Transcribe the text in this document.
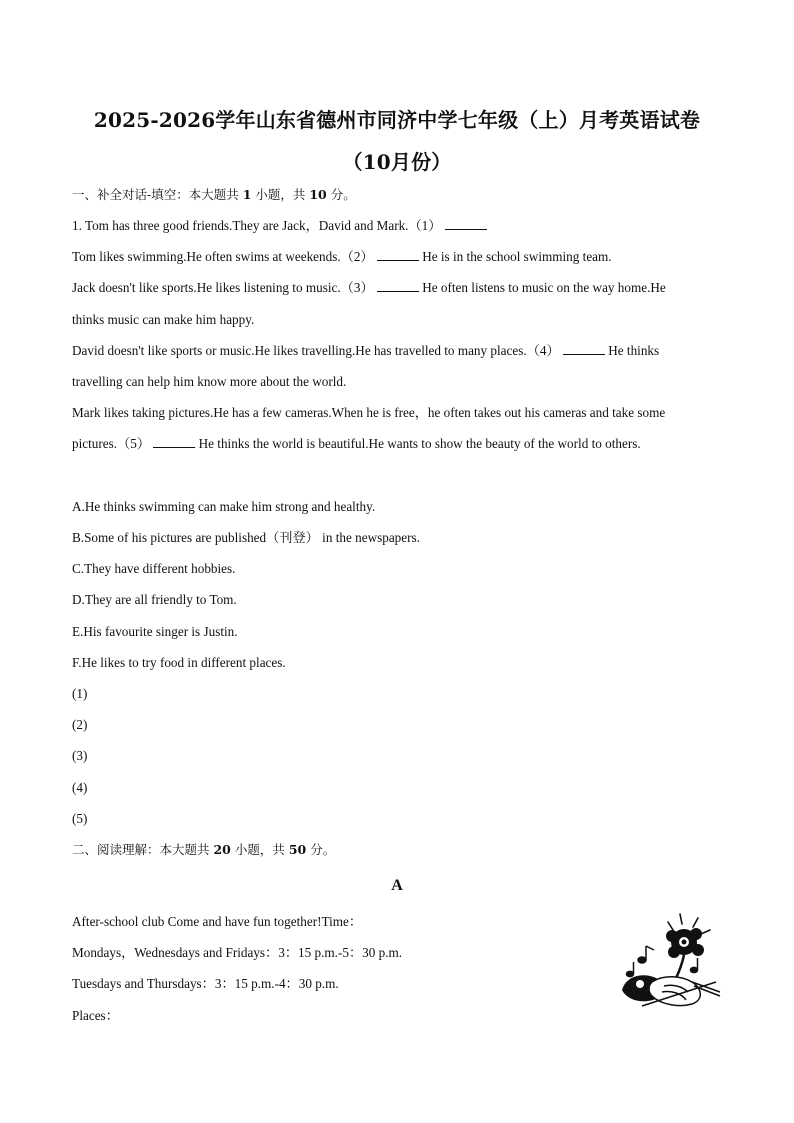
2025-2026学年山东省德州市同济中学七年级（上）月考英语试卷
（10月份）
一、补全对话-填空：本大题共 1 小题，共 10 分。
1. Tom has three good friends.They are Jack，David and Mark.（1）
Tom likes swimming.He often swims at weekends.（2）	He is in the school swimming team.
Jack doesn't like sports.He likes listening to music.（3）	He often listens to music on the way home.He
thinks music can make him happy.
David doesn't like sports or music.He likes travelling.He has travelled to many places.（4）	He thinks
travelling can help him know more about the world.
Mark likes taking pictures.He has a few cameras.When he is free，he often takes out his cameras and take some
pictures.（5）	He thinks the world is beautiful.He wants to show the beauty of the world to others.
A.He thinks swimming can make him strong and healthy.
B.Some of his pictures are published（刊登） in the newspapers.
C.They have different hobbies.
D.They are all friendly to Tom.
E.His favourite singer is Justin.
F.He likes to try food in different places.
(1)
(2)
(3)
(4)
(5)
二、阅读理解：本大题共 20 小题，共 50 分。
A
After-school club Come and have fun together!Time：
Mondays，Wednesdays and Fridays：3：15 p.m.-5：30 p.m.
Tuesdays and Thursdays：3：15 p.m.-4：30 p.m.
Places：
